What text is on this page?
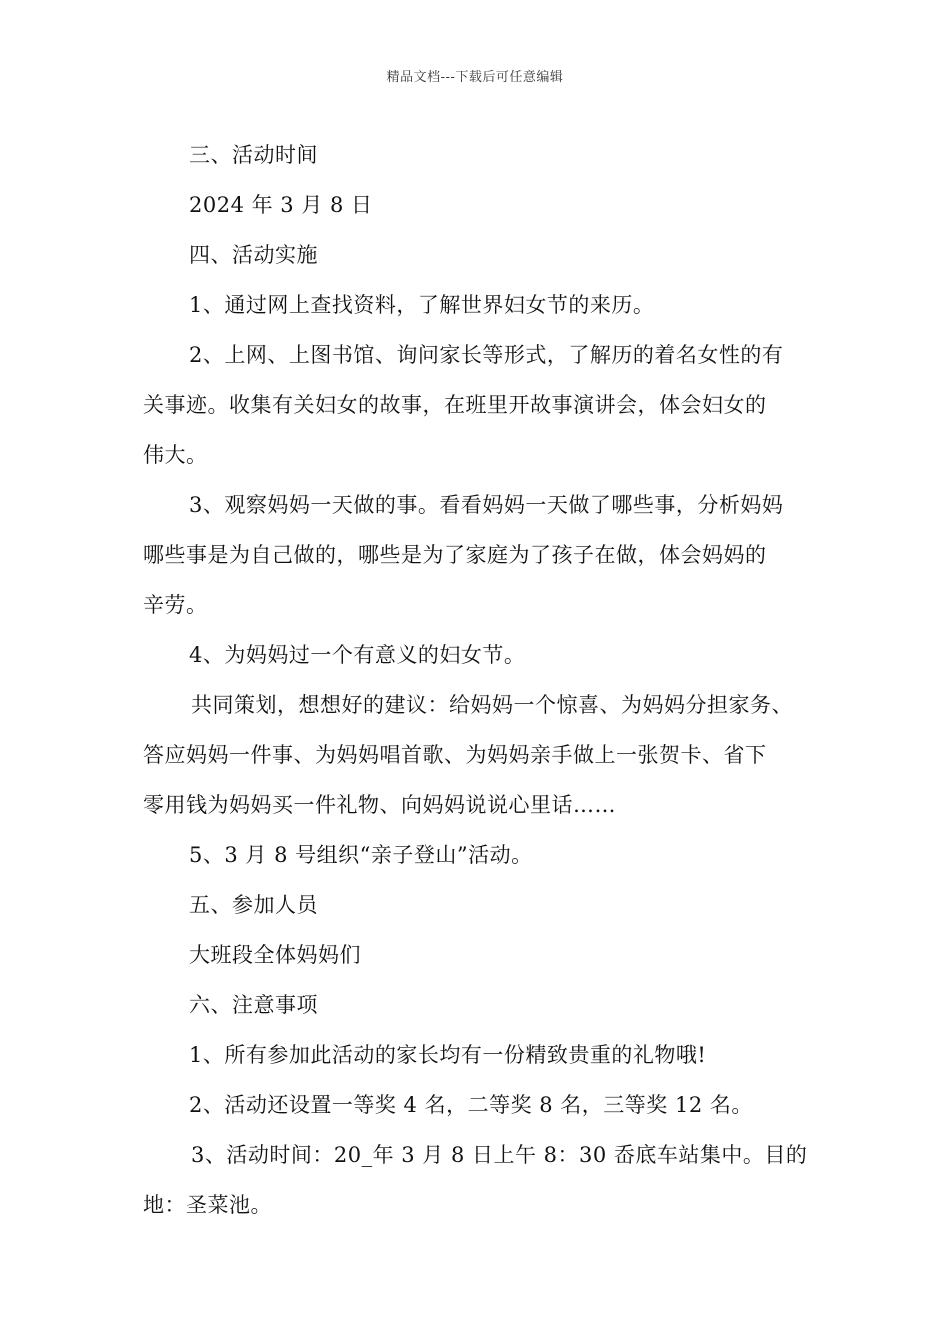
精品文档---下载后可任意编辑
三、活动时间
2024 年 3 月 8 日
四、活动实施
1、通过网上查找资料，了解世界妇女节的来历。
2、上网、上图书馆、询问家长等形式，了解历的着名女性的有
关事迹。收集有关妇女的故事，在班里开故事演讲会，体会妇女的
伟大。
3、观察妈妈一天做的事。看看妈妈一天做了哪些事，分析妈妈
哪些事是为自己做的，哪些是为了家庭为了孩子在做，体会妈妈的
辛劳。
4、为妈妈过一个有意义的妇女节。
共同策划，想想好的建议：给妈妈一个惊喜、为妈妈分担家务、
答应妈妈一件事、为妈妈唱首歌、为妈妈亲手做上一张贺卡、省下
零用钱为妈妈买一件礼物、向妈妈说说心里话……
5、3 月 8 号组织“亲子登山”活动。
五、参加人员
大班段全体妈妈们
六、注意事项
1、所有参加此活动的家长均有一份精致贵重的礼物哦!
2、活动还设置一等奖 4 名，二等奖 8 名，三等奖 12 名。
3、活动时间：20_年 3 月 8 日上午 8：30 岙底车站集中。目的
地：圣菜池。
